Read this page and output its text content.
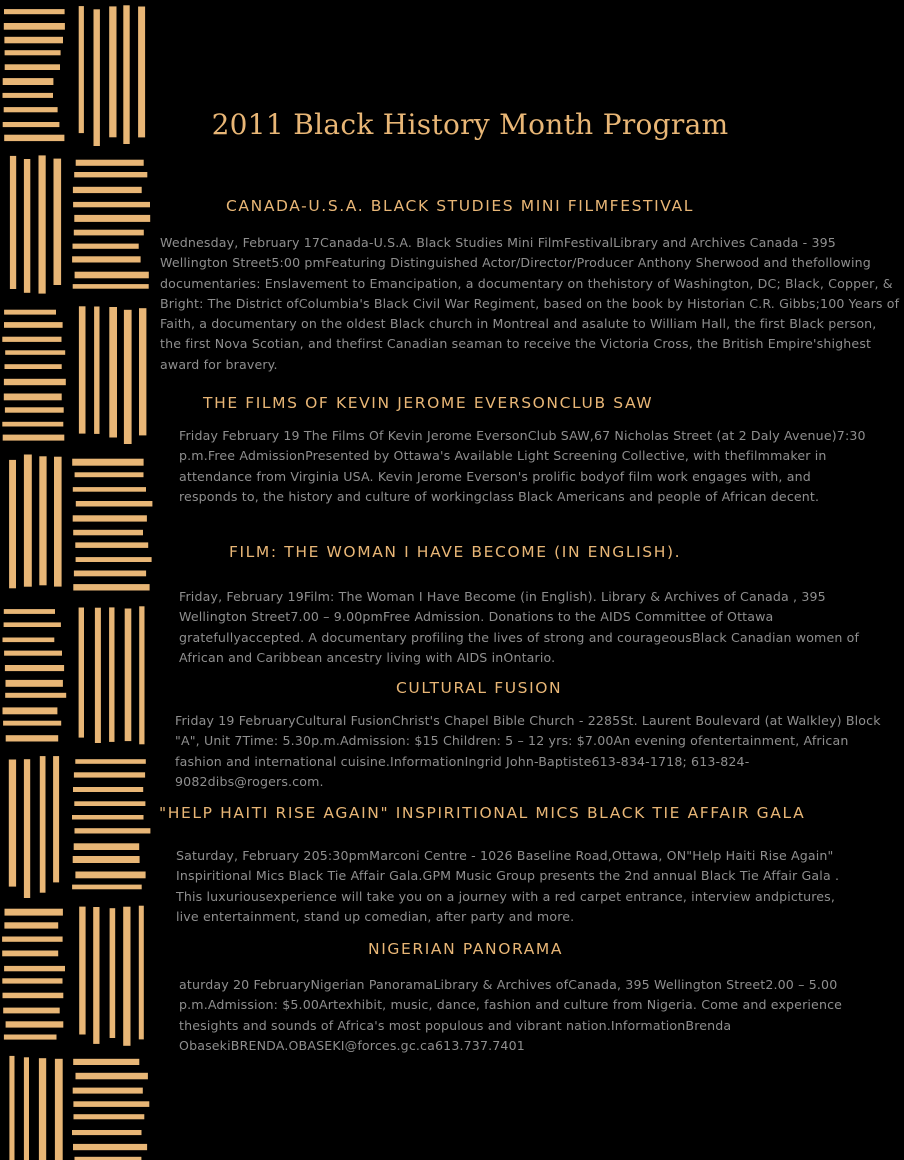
2011 Black History Month Program
CANADA-U.S.A. BLACK STUDIES MINI FILMFESTIVAL
Wednesday, February 17Canada-U.S.A. Black Studies Mini FilmFestivalLibrary and Archives Canada - 395 Wellington Street5:00 pmFeaturing Distinguished Actor/Director/Producer Anthony Sherwood and thefollowing documentaries: Enslavement to Emancipation, a documentary on thehistory of Washington, DC; Black, Copper, & Bright: The District ofColumbia's Black Civil War Regiment, based on the book by Historian C.R. Gibbs;100 Years of Faith, a documentary on the oldest Black church in Montreal and asalute to William Hall, the first Black person, the first Nova Scotian, and thefirst Canadian seaman to receive the Victoria Cross, the British Empire'shighest award for bravery.
THE FILMS OF KEVIN JEROME EVERSONCLUB SAW
Friday February 19 The Films Of Kevin Jerome EversonClub SAW,67 Nicholas Street (at 2 Daly Avenue)7:30 p.m.Free AdmissionPresented by Ottawa's Available Light Screening Collective, with thefilmmaker in attendance from Virginia USA. Kevin Jerome Everson's prolific bodyof film work engages with, and responds to, the history and culture of workingclass Black Americans and people of African decent.
FILM: THE WOMAN I HAVE BECOME (IN ENGLISH).
Friday, February 19Film: The Woman I Have Become (in English). Library & Archives of Canada , 395 Wellington Street7.00 – 9.00pmFree Admission. Donations to the AIDS Committee of Ottawa gratefullyaccepted. A documentary profiling the lives of strong and courageousBlack Canadian women of African and Caribbean ancestry living with AIDS inOntario.
CULTURAL FUSION
Friday 19 FebruaryCultural FusionChrist's Chapel Bible Church - 2285St. Laurent Boulevard (at Walkley) Block "A", Unit 7Time: 5.30p.m.Admission: $15 Children: 5 – 12 yrs: $7.00An evening ofentertainment, African fashion and international cuisine.InformationIngrid John-Baptiste613-834-1718; 613-824-9082dibs@rogers.com.
"HELP HAITI RISE AGAIN" INSPIRITIONAL MICS BLACK TIE AFFAIR GALA
Saturday, February 205:30pmMarconi Centre - 1026 Baseline Road,Ottawa, ON"Help Haiti Rise Again" Inspiritional Mics Black Tie Affair Gala.GPM Music Group presents the 2nd annual Black Tie Affair Gala . This luxuriousexperience will take you on a journey with a red carpet entrance, interview andpictures, live entertainment, stand up comedian, after party and more.
NIGERIAN PANORAMA
aturday 20 FebruaryNigerian PanoramaLibrary & Archives ofCanada, 395 Wellington Street2.00 – 5.00 p.m.Admission: $5.00Artexhibit, music, dance, fashion and culture from Nigeria. Come and experience thesights and sounds of Africa's most populous and vibrant nation.InformationBrenda ObasekiBRENDA.OBASEKI@forces.gc.ca613.737.7401
